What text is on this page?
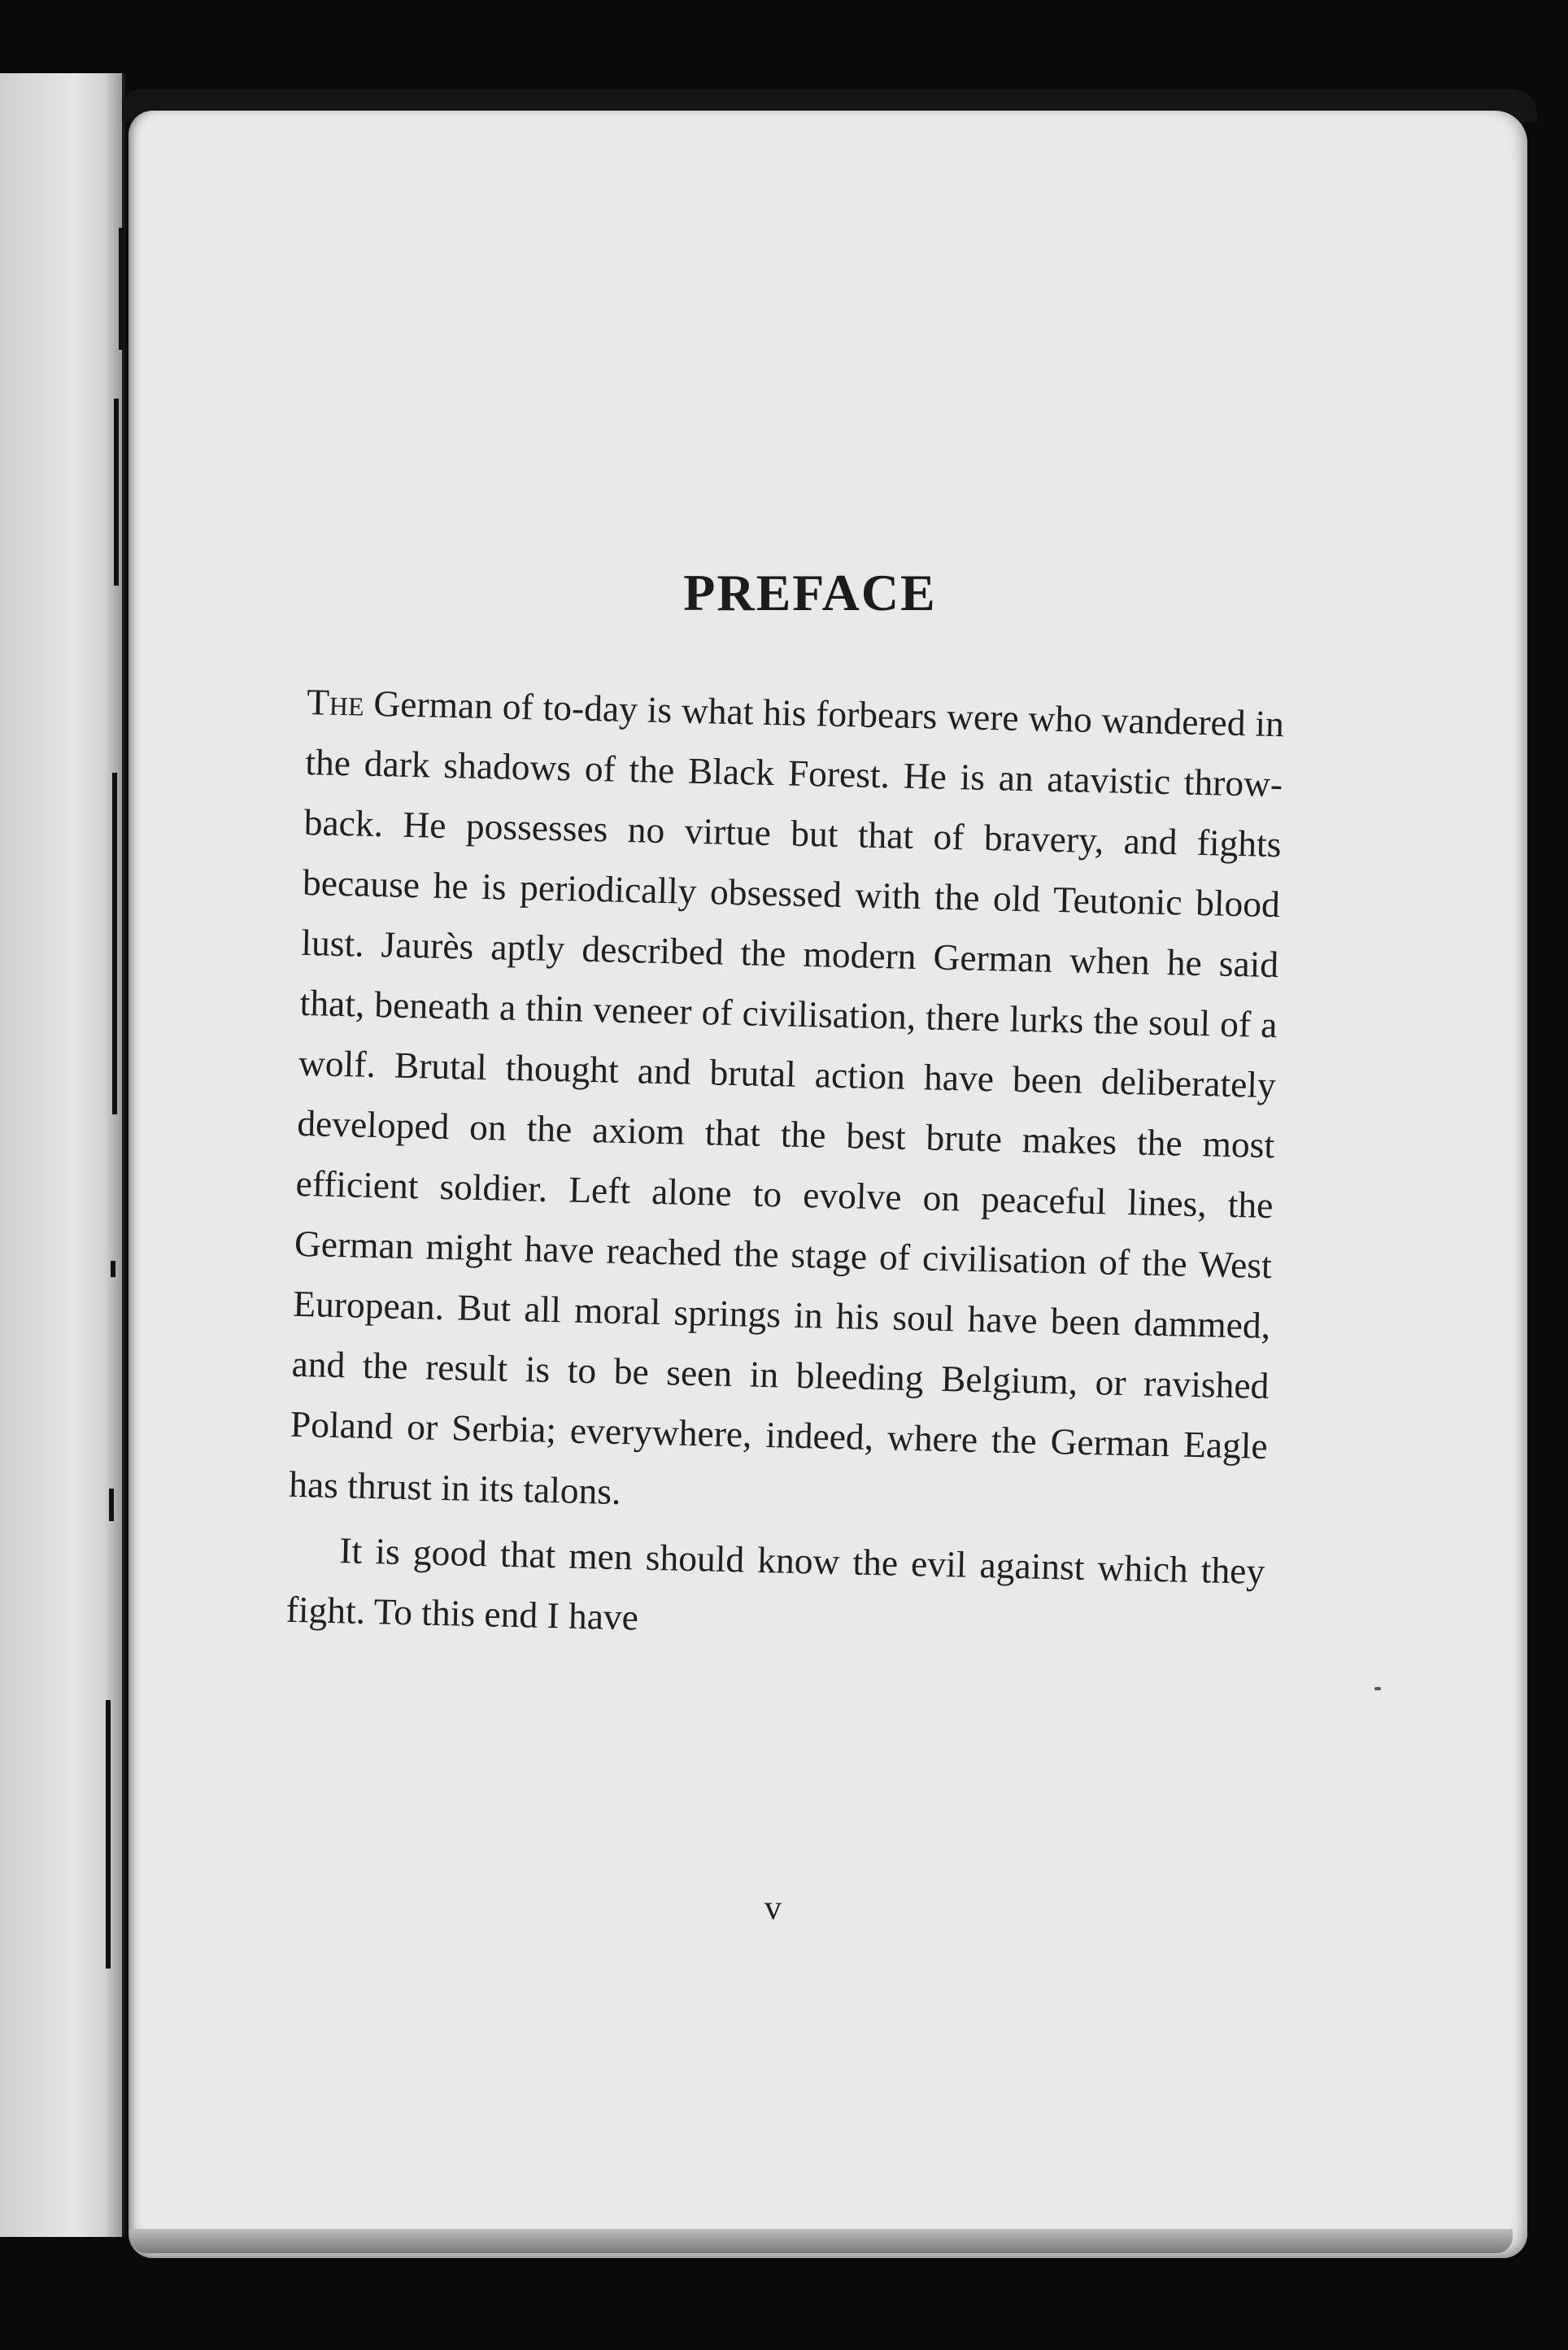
PREFACE

The German of to-day is what his forbears were who wandered in the dark shadows of the Black Forest. He is an atavistic throw-back. He possesses no virtue but that of bravery, and fights because he is periodically obsessed with the old Teutonic blood lust. Jaurès aptly described the modern German when he said that, beneath a thin veneer of civilisation, there lurks the soul of a wolf. Brutal thought and brutal action have been deliberately developed on the axiom that the best brute makes the most efficient soldier. Left alone to evolve on peaceful lines, the German might have reached the stage of civilisation of the West European. But all moral springs in his soul have been dammed, and the result is to be seen in bleeding Belgium, or ravished Poland or Serbia; everywhere, indeed, where the German Eagle has thrust in its talons.

It is good that men should know the evil against which they fight. To this end I have

v
